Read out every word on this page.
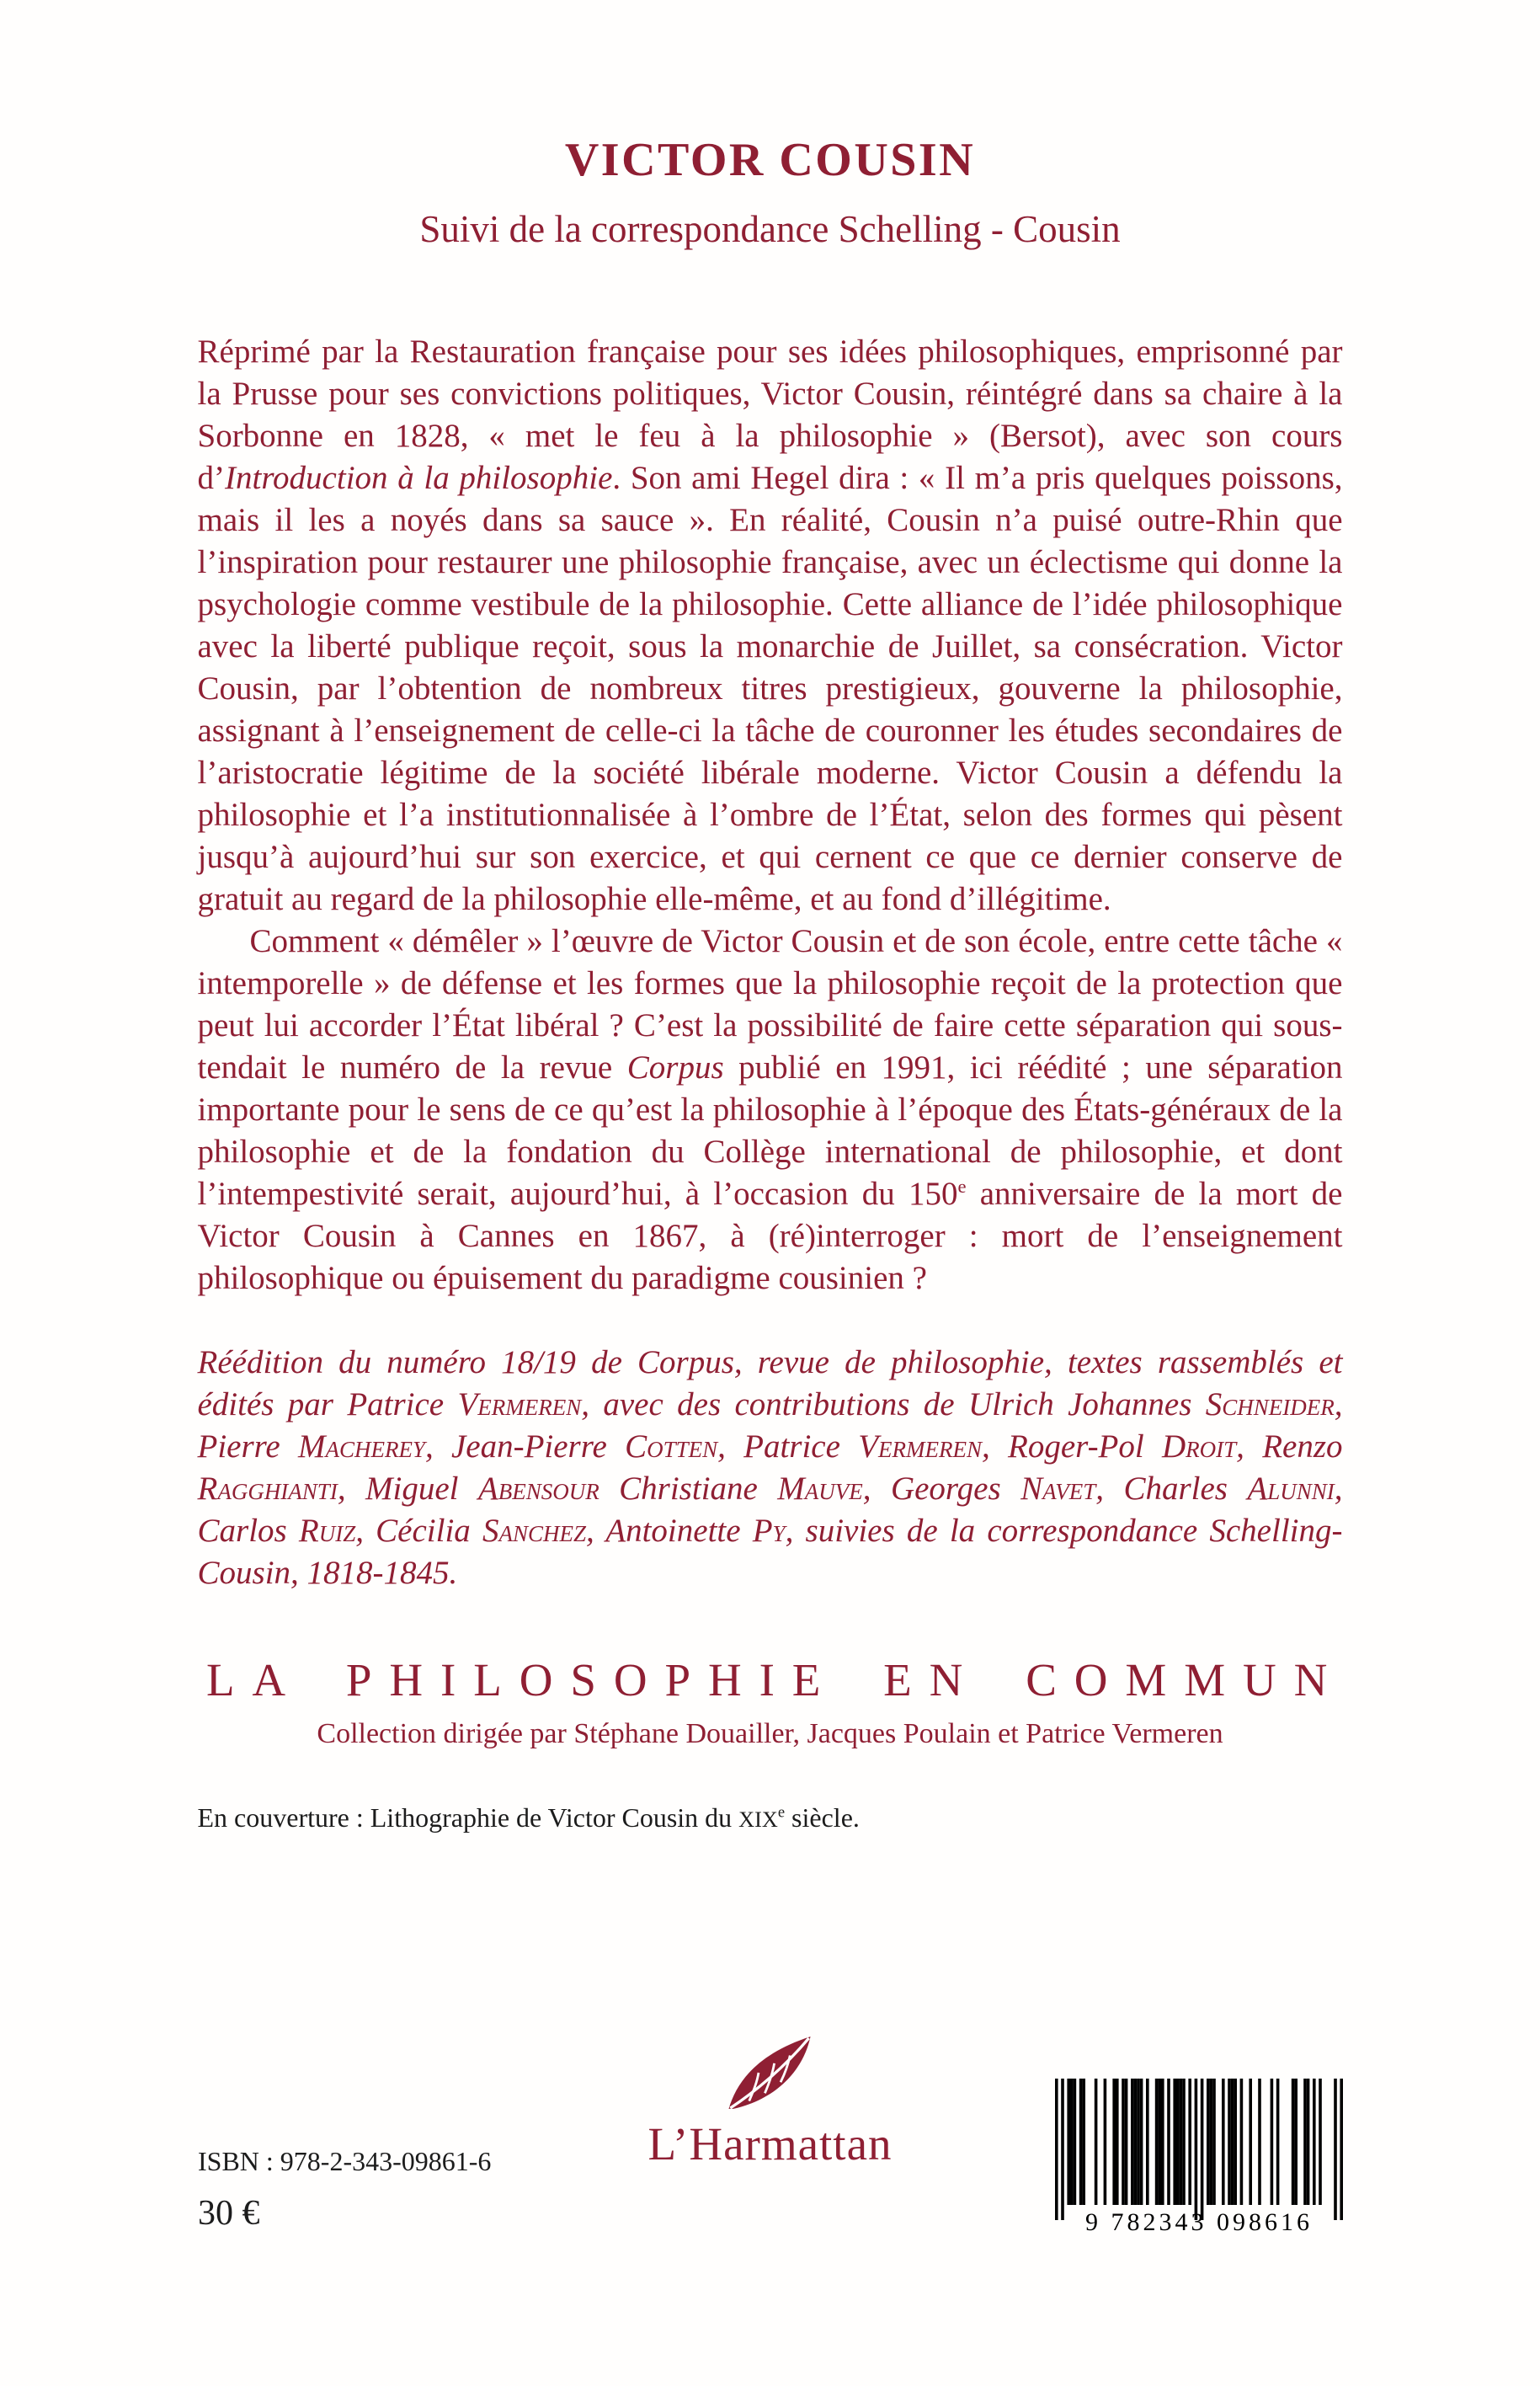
VICTOR COUSIN
Suivi de la correspondance Schelling - Cousin

Réprimé par la Restauration française pour ses idées philosophiques, emprisonné par la Prusse pour ses convictions politiques, Victor Cousin, réintégré dans sa chaire à la Sorbonne en 1828, « met le feu à la philosophie » (Bersot), avec son cours d’Introduction à la philosophie. Son ami Hegel dira : « Il m’a pris quelques poissons, mais il les a noyés dans sa sauce ». En réalité, Cousin n’a puisé outre-Rhin que l’inspiration pour restaurer une philosophie française, avec un éclectisme qui donne la psychologie comme vestibule de la philosophie. Cette alliance de l’idée philosophique avec la liberté publique reçoit, sous la monarchie de Juillet, sa consécration. Victor Cousin, par l’obtention de nombreux titres prestigieux, gouverne la philosophie, assignant à l’enseignement de celle-ci la tâche de couronner les études secondaires de l’aristocratie légitime de la société libérale moderne. Victor Cousin a défendu la philosophie et l’a institutionnalisée à l’ombre de l’État, selon des formes qui pèsent jusqu’à aujourd’hui sur son exercice, et qui cernent ce que ce dernier conserve de gratuit au regard de la philosophie elle-même, et au fond d’illégitime.

Comment « démêler » l’œuvre de Victor Cousin et de son école, entre cette tâche « intemporelle » de défense et les formes que la philosophie reçoit de la protection que peut lui accorder l’État libéral ? C’est la possibilité de faire cette séparation qui sous-tendait le numéro de la revue Corpus publié en 1991, ici réédité ; une séparation importante pour le sens de ce qu’est la philosophie à l’époque des États-généraux de la philosophie et de la fondation du Collège international de philosophie, et dont l’intempestivité serait, aujourd’hui, à l’occasion du 150e anniversaire de la mort de Victor Cousin à Cannes en 1867, à (ré)interroger : mort de l’enseignement philosophique ou épuisement du paradigme cousinien ?

Réédition du numéro 18/19 de Corpus, revue de philosophie, textes rassemblés et édités par Patrice Vermeren, avec des contributions de Ulrich Johannes Schneider, Pierre Macherey, Jean-Pierre Cotten, Patrice Vermeren, Roger-Pol Droit, Renzo Ragghianti, Miguel Abensour Christiane Mauve, Georges Navet, Charles Alunni, Carlos Ruiz, Cécilia Sanchez, Antoinette Py, suivies de la correspondance Schelling-Cousin, 1818-1845.

LA PHILOSOPHIE EN COMMUN
Collection dirigée par Stéphane Douailler, Jacques Poulain et Patrice Vermeren

En couverture : Lithographie de Victor Cousin du XIXe siècle.

ISBN : 978-2-343-09861-6
30 €
L’Harmattan
9 782343 098616
